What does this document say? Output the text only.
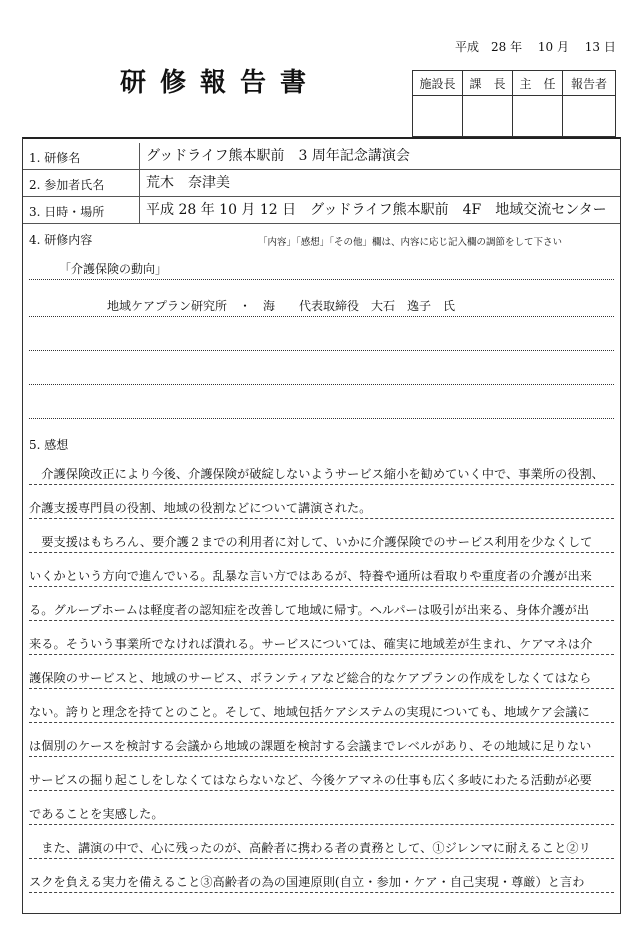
平成　28 年　 10 月　 13 日
研修報告書	施設長	課　長	主　任	報告者

1. 研修名	グッドライフ熊本駅前　3 周年記念講演会
2. 参加者氏名	荒木　奈津美
3. 日時・場所	平成 28 年 10 月 12 日　グッドライフ熊本駅前　4F　地域交流センター
4. 研修内容	「内容」「感想」「その他」欄は、内容に応じ記入欄の調節をして下さい
「介護保険の動向」
地域ケアプラン研究所　・　海　　代表取締役　大石　逸子　氏
5. 感想
　介護保険改正により今後、介護保険が破綻しないようサービス縮小を勧めていく中で、事業所の役割、
介護支援専門員の役割、地域の役割などについて講演された。
　要支援はもちろん、要介護２までの利用者に対して、いかに介護保険でのサービス利用を少なくして
いくかという方向で進んでいる。乱暴な言い方ではあるが、特養や通所は看取りや重度者の介護が出来
る。グループホームは軽度者の認知症を改善して地域に帰す。ヘルパーは吸引が出来る、身体介護が出
来る。そういう事業所でなければ潰れる。サービスについては、確実に地域差が生まれ、ケアマネは介
護保険のサービスと、地域のサービス、ボランティアなど総合的なケアプランの作成をしなくてはなら
ない。誇りと理念を持てとのこと。そして、地域包括ケアシステムの実現についても、地域ケア会議に
は個別のケースを検討する会議から地域の課題を検討する会議までレベルがあり、その地域に足りない
サービスの掘り起こしをしなくてはならないなど、今後ケアマネの仕事も広く多岐にわたる活動が必要
であることを実感した。
　また、講演の中で、心に残ったのが、高齢者に携わる者の責務として、①ジレンマに耐えること②リ
スクを負える実力を備えること③高齢者の為の国連原則(自立・参加・ケア・自己実現・尊厳）と言わ
